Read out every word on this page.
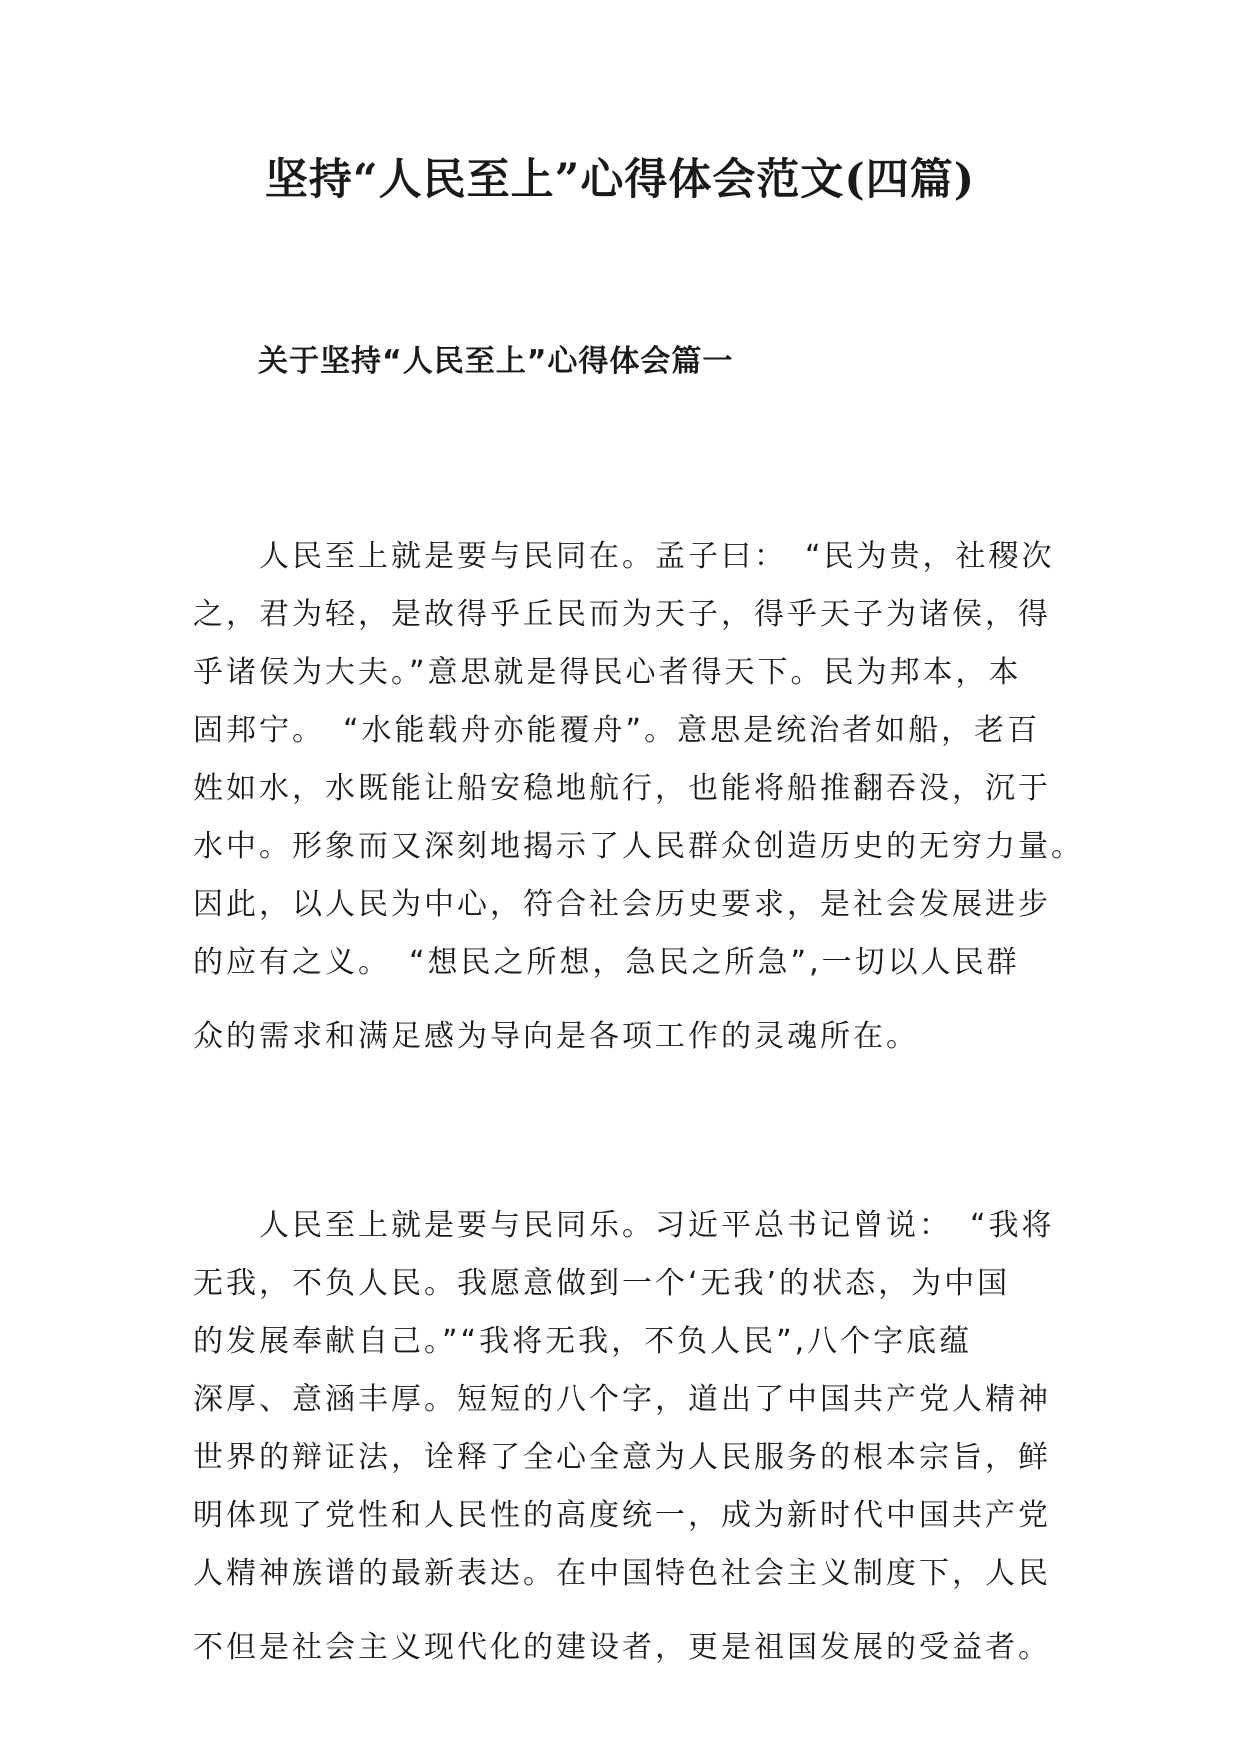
坚持“人民至上”心得体会范文(四篇)
关于坚持“人民至上”心得体会篇一
人民至上就是要与民同在。孟子曰：　“民为贵，社稷次
之，君为轻，是故得乎丘民而为天子，得乎天子为诸侯，得
乎诸侯为大夫。”意思就是得民心者得天下。民为邦本，本
固邦宁。　“水能载舟亦能覆舟”。意思是统治者如船，老百
姓如水，水既能让船安稳地航行，也能将船推翻吞没，沉于
水中。形象而又深刻地揭示了人民群众创造历史的无穷力量。
因此，以人民为中心，符合社会历史要求，是社会发展进步
的应有之义。　“想民之所想，急民之所急”,一切以人民群
众的需求和满足感为导向是各项工作的灵魂所在。
人民至上就是要与民同乐。习近平总书记曾说：　“我将
无我，不负人民。我愿意做到一个‘无我’的状态，为中国
的发展奉献自己。”“我将无我，不负人民”,八个字底蕴
深厚、意涵丰厚。短短的八个字，道出了中国共产党人精神
世界的辩证法，诠释了全心全意为人民服务的根本宗旨，鲜
明体现了党性和人民性的高度统一，成为新时代中国共产党
人精神族谱的最新表达。在中国特色社会主义制度下，人民
不但是社会主义现代化的建设者，更是祖国发展的受益者。
